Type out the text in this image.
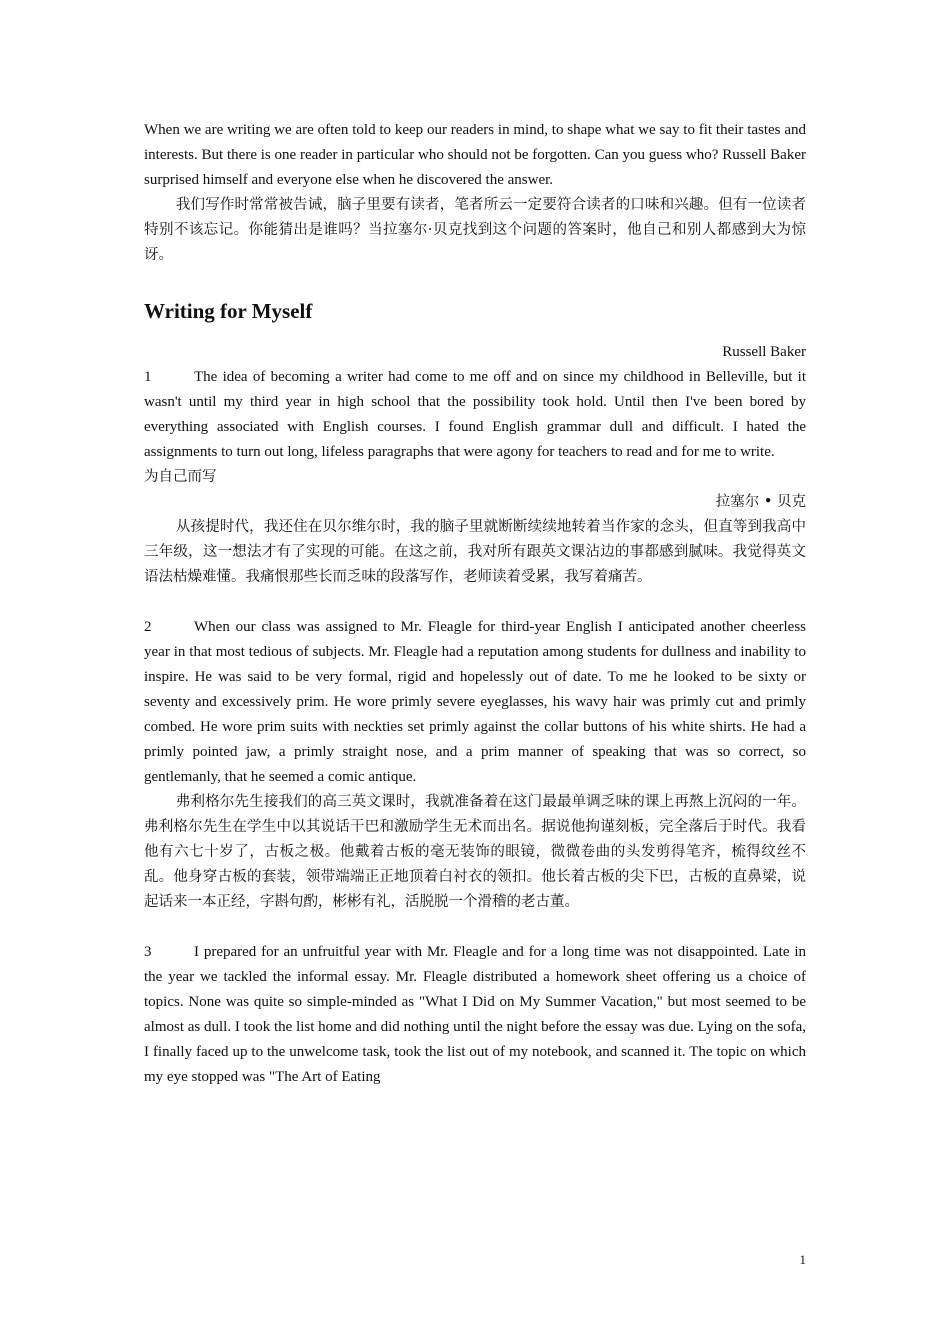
When we are writing we are often told to keep our readers in mind, to shape what we say to fit their tastes and interests. But there is one reader in particular who should not be forgotten. Can you guess who? Russell Baker surprised himself and everyone else when he discovered the answer.

我们写作时常常被告诫，脑子里要有读者，笔者所云一定要符合读者的口味和兴趣。但有一位读者特别不该忘记。你能猜出是谁吗？当拉塞尔·贝克找到这个问题的答案时，他自己和别人都感到大为惊讶。

Writing for Myself

Russell Baker

1	The idea of becoming a writer had come to me off and on since my childhood in Belleville, but it wasn't until my third year in high school that the possibility took hold. Until then I've been bored by everything associated with English courses. I found English grammar dull and difficult. I hated the assignments to turn out long, lifeless paragraphs that were agony for teachers to read and for me to write.

为自己而写

拉塞尔 • 贝克

从孩提时代，我还住在贝尔维尔时，我的脑子里就断断续续地转着当作家的念头，但直等到我高中三年级，这一想法才有了实现的可能。在这之前，我对所有跟英文课沾边的事都感到腻味。我觉得英文语法枯燥难懂。我痛恨那些长而乏味的段落写作，老师读着受累，我写着痛苦。

2	When our class was assigned to Mr. Fleagle for third-year English I anticipated another cheerless year in that most tedious of subjects. Mr. Fleagle had a reputation among students for dullness and inability to inspire. He was said to be very formal, rigid and hopelessly out of date. To me he looked to be sixty or seventy and excessively prim. He wore primly severe eyeglasses, his wavy hair was primly cut and primly combed. He wore prim suits with neckties set primly against the collar buttons of his white shirts. He had a primly pointed jaw, a primly straight nose, and a prim manner of speaking that was so correct, so gentlemanly, that he seemed a comic antique.

弗利格尔先生接我们的高三英文课时，我就准备着在这门最最单调乏味的课上再熬上沉闷的一年。弗利格尔先生在学生中以其说话干巴和激励学生无术而出名。据说他拘谨刻板，完全落后于时代。我看他有六七十岁了，古板之极。他戴着古板的毫无装饰的眼镜，微微卷曲的头发剪得笔齐，梳得纹丝不乱。他身穿古板的套装，领带端端正正地顶着白衬衣的领扣。他长着古板的尖下巴，古板的直鼻梁，说起话来一本正经，字斟句酌，彬彬有礼，活脱脱一个滑稽的老古董。

3	I prepared for an unfruitful year with Mr. Fleagle and for a long time was not disappointed. Late in the year we tackled the informal essay. Mr. Fleagle distributed a homework sheet offering us a choice of topics. None was quite so simple-minded as "What I Did on My Summer Vacation," but most seemed to be almost as dull. I took the list home and did nothing until the night before the essay was due. Lying on the sofa, I finally faced up to the unwelcome task, took the list out of my notebook, and scanned it. The topic on which my eye stopped was "The Art of Eating

1
